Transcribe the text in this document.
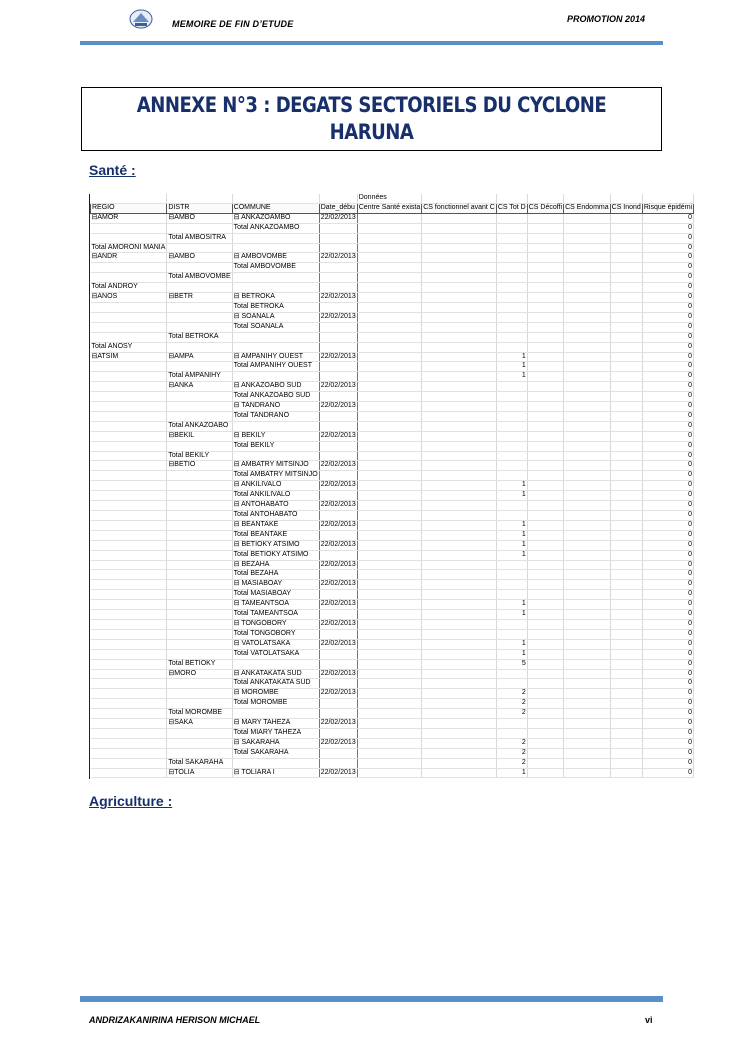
MEMOIRE DE FIN D’ETUDE	PROMOTION 2014
ANNEXE N°3 : DEGATS SECTORIELS DU CYCLONE
HARUNA
Santé :
				Données						
REGIO	DISTR	COMMUNE	Date_débu	Centre Santé exista	CS fonctionnel avant C	CS Tot D	CS Décoffi	CS Endomma	CS Inond	Risque épidémi
⊟AMOR	⊟AMBO	⊟ ANKAZOAMBO	22/02/2013							0
		Total ANKAZOAMBO								0
	Total AMBOSITRA									0
Total AMORONI MANIA										0
⊟ANDR	⊟AMBO	⊟ AMBOVOMBE	22/02/2013							0
		Total AMBOVOMBE								0
	Total AMBOVOMBE									0
Total ANDROY										0
⊟ANOS	⊟BETR	⊟ BETROKA	22/02/2013							0
		Total BETROKA								0
		⊟ SOANALA	22/02/2013							0
		Total SOANALA								0
	Total BETROKA									0
Total ANOSY										0
⊟ATSIM	⊟AMPA	⊟ AMPANIHY OUEST	22/02/2013			1				0
		Total AMPANIHY OUEST				1				0
	Total AMPANIHY					1				0
	⊟ANKA	⊟ ANKAZOABO SUD	22/02/2013							0
		Total ANKAZOABO SUD								0
		⊟ TANDRANO	22/02/2013							0
		Total TANDRANO								0
	Total ANKAZOABO									0
	⊟BEKIL	⊟ BEKILY	22/02/2013							0
		Total BEKILY								0
	Total BEKILY									0
	⊟BETIO	⊟ AMBATRY MITSINJO	22/02/2013							0
		Total AMBATRY MITSINJO								0
		⊟ ANKILIVALO	22/02/2013			1				0
		Total ANKILIVALO				1				0
		⊟ ANTOHABATO	22/02/2013							0
		Total ANTOHABATO								0
		⊟ BEANTAKE	22/02/2013			1				0
		Total BEANTAKE				1				0
		⊟ BETIOKY ATSIMO	22/02/2013			1				0
		Total BETIOKY ATSIMO				1				0
		⊟ BEZAHA	22/02/2013							0
		Total BEZAHA								0
		⊟ MASIABOAY	22/02/2013							0
		Total MASIABOAY								0
		⊟ TAMEANTSOA	22/02/2013			1				0
		Total TAMEANTSOA				1				0
		⊟ TONGOBORY	22/02/2013							0
		Total TONGOBORY								0
		⊟ VATOLATSAKA	22/02/2013			1				0
		Total VATOLATSAKA				1				0
	Total BETIOKY					5				0
	⊟MORO	⊟ ANKATAKATA SUD	22/02/2013							0
		Total ANKATAKATA SUD								0
		⊟ MOROMBE	22/02/2013			2				0
		Total MOROMBE				2				0
	Total MOROMBE					2				0
	⊟SAKA	⊟ MARY TAHEZA	22/02/2013							0
		Total MIARY TAHEZA								0
		⊟ SAKARAHA	22/02/2013			2				0
		Total SAKARAHA				2				0
	Total SAKARAHA					2				0
	⊟TOLIA	⊟ TOLIARA I	22/02/2013			1				0
Agriculture :
ANDRIZAKANIRINA HERISON MICHAEL	vi
